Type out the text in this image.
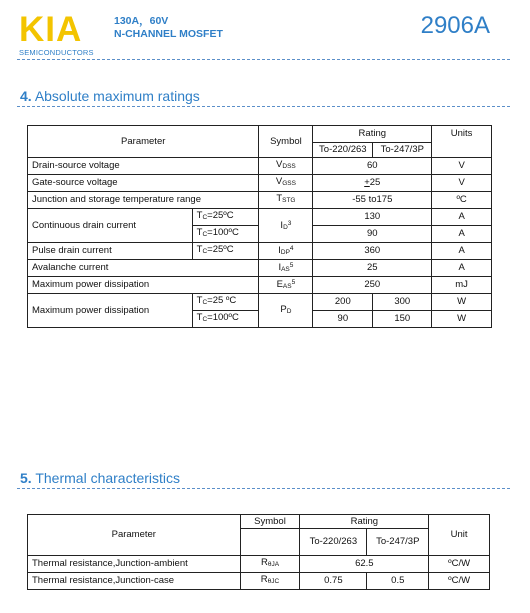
KIA
SEMICONDUCTORS
130A，60V
N-CHANNEL MOSFET	2906A
4. Absolute maximum ratings
Parameter		Symbol	Rating		Units
			To-220/263	To-247/3P	
Drain-source voltage		$V_{DSS}$	60		V
Gate-source voltage		$V_{GSS}$	+25		V
Junction and storage temperature range		$T_{STG}$	-55 to175		ºC
Continuous drain current	$T_C=25ºC$	$I_D^3$	130		A
	$T_C=100ºC$		90		A
Pulse drain current	$T_C=25ºC$	$I_{DP}^4$	360		A
Avalanche current		$I_{AS}^5$	25		A
Maximum power dissipation		$E_{AS}^5$	250		mJ
Maximum power dissipation	$T_C=25$ ºC	$P_D$	200	300	W
	$T_C=100ºC$		90	150	W
5. Thermal characteristics
Parameter	Symbol	Rating		Unit
		To-220/263	To-247/3P	
Thermal resistance,Junction-ambient	$R_{\theta JA}$	62.5		ºC/W
Thermal resistance,Junction-case	$R_{\theta JC}$	0.75	0.5	ºC/W
